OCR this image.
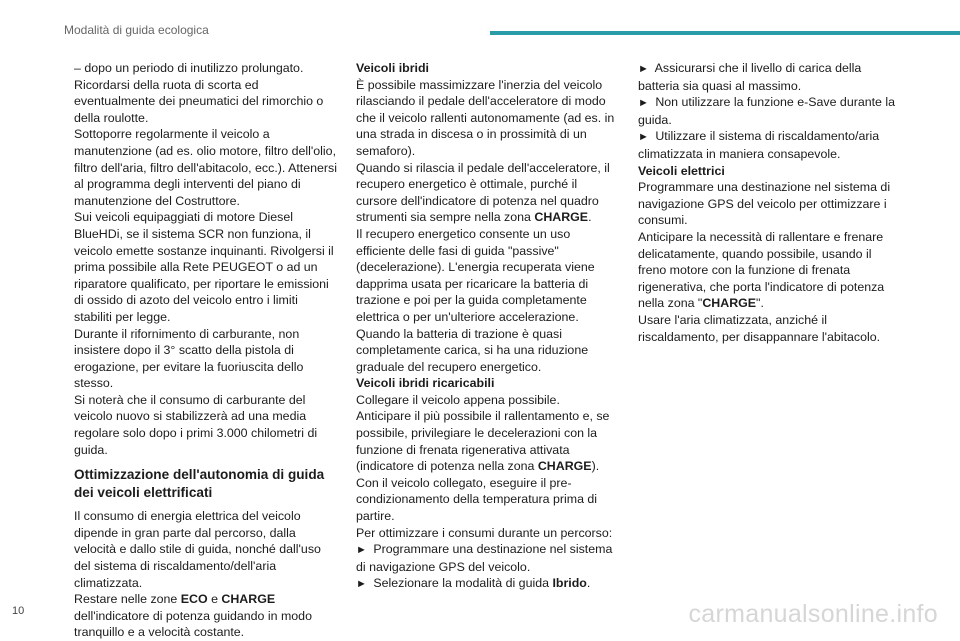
Modalità di guida ecologica

– dopo un periodo di inutilizzo prolungato. Ricordarsi della ruota di scorta ed eventualmente dei pneumatici del rimorchio o della roulotte.

Sottoporre regolarmente il veicolo a manutenzione (ad es. olio motore, filtro dell'olio, filtro dell'aria, filtro dell'abitacolo, ecc.). Attenersi al programma degli interventi del piano di manutenzione del Costruttore.

Sui veicoli equipaggiati di motore Diesel BlueHDi, se il sistema SCR non funziona, il veicolo emette sostanze inquinanti. Rivolgersi il prima possibile alla Rete PEUGEOT o ad un riparatore qualificato, per riportare le emissioni di ossido di azoto del veicolo entro i limiti stabiliti per legge.

Durante il rifornimento di carburante, non insistere dopo il 3° scatto della pistola di erogazione, per evitare la fuoriuscita dello stesso.

Si noterà che il consumo di carburante del veicolo nuovo si stabilizzerà ad una media regolare solo dopo i primi 3.000 chilometri di guida.

Ottimizzazione dell'autonomia di guida dei veicoli elettrificati

Il consumo di energia elettrica del veicolo dipende in gran parte dal percorso, dalla velocità e dallo stile di guida, nonché dall'uso del sistema di riscaldamento/dell'aria climatizzata.

Restare nelle zone ECO e CHARGE dell'indicatore di potenza guidando in modo tranquillo e a velocità costante.

Veicoli ibridi

È possibile massimizzare l'inerzia del veicolo rilasciando il pedale dell'acceleratore di modo che il veicolo rallenti autonomamente (ad es. in una strada in discesa o in prossimità di un semaforo).

Quando si rilascia il pedale dell'acceleratore, il recupero energetico è ottimale, purché il cursore dell'indicatore di potenza nel quadro strumenti sia sempre nella zona CHARGE.

Il recupero energetico consente un uso efficiente delle fasi di guida "passive" (decelerazione). L'energia recuperata viene dapprima usata per ricaricare la batteria di trazione e poi per la guida completamente elettrica o per un'ulteriore accelerazione.

Quando la batteria di trazione è quasi completamente carica, si ha una riduzione graduale del recupero energetico.

Veicoli ibridi ricaricabili

Collegare il veicolo appena possibile.

Anticipare il più possibile il rallentamento e, se possibile, privilegiare le decelerazioni con la funzione di frenata rigenerativa attivata (indicatore di potenza nella zona CHARGE).

Con il veicolo collegato, eseguire il pre-condizionamento della temperatura prima di partire.

Per ottimizzare i consumi durante un percorso:

► Programmare una destinazione nel sistema di navigazione GPS del veicolo.

► Selezionare la modalità di guida Ibrido.

► Assicurarsi che il livello di carica della batteria sia quasi al massimo.

► Non utilizzare la funzione e-Save durante la guida.

► Utilizzare il sistema di riscaldamento/aria climatizzata in maniera consapevole.

Veicoli elettrici

Programmare una destinazione nel sistema di navigazione GPS del veicolo per ottimizzare i consumi.

Anticipare la necessità di rallentare e frenare delicatamente, quando possibile, usando il freno motore con la funzione di frenata rigenerativa, che porta l'indicatore di potenza nella zona "CHARGE".

Usare l'aria climatizzata, anziché il riscaldamento, per disappannare l'abitacolo.

10	carmanualsonline.info
